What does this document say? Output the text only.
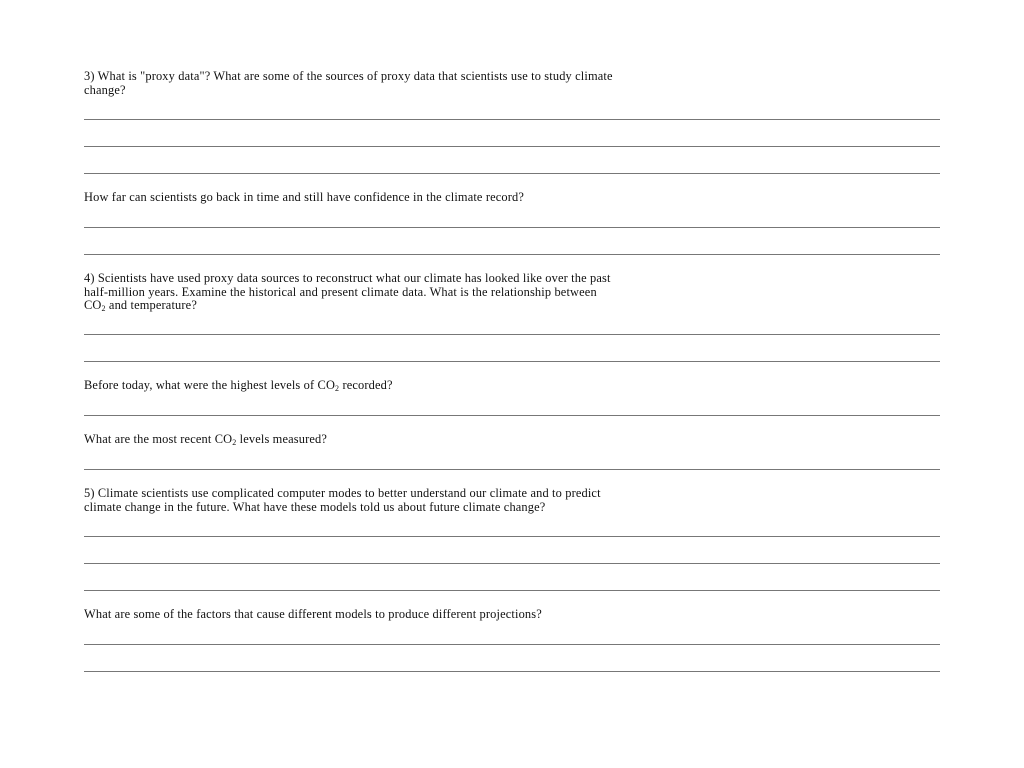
3) What is "proxy data"? What are some of the sources of proxy data that scientists use to study climate
change?
How far can scientists go back in time and still have confidence in the climate record?
4) Scientists have used proxy data sources to reconstruct what our climate has looked like over the past
half-million years. Examine the historical and present climate data. What is the relationship between
$CO_2$ and temperature?
Before today, what were the highest levels of $CO_2$ recorded?
What are the most recent $CO_2$ levels measured?
5) Climate scientists use complicated computer modes to better understand our climate and to predict
climate change in the future. What have these models told us about future climate change?
What are some of the factors that cause different models to produce different projections?
